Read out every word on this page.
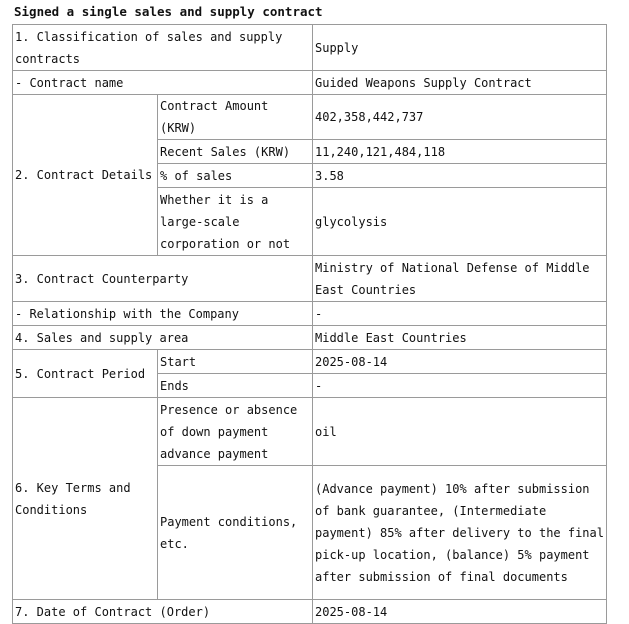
Signed a single sales and supply contract
1. Classification of sales and supply contracts		Supply
- Contract name		Guided Weapons Supply Contract
2. Contract Details	Contract Amount (KRW)	402,358,442,737
	Recent Sales (KRW)	11,240,121,484,118
	% of sales	3.58
	Whether it is a large-scale corporation or not	glycolysis
3. Contract Counterparty		Ministry of National Defense of Middle East Countries
- Relationship with the Company		-
4. Sales and supply area		Middle East Countries
5. Contract Period	Start	2025-08-14
	Ends	-
6. Key Terms and Conditions	Presence or absence of down payment advance payment	oil
	Payment conditions, etc.	(Advance payment) 10% after submission of bank guarantee, (Intermediate payment) 85% after delivery to the final pick-up location, (balance) 5% payment after submission of final documents
7. Date of Contract (Order)		2025-08-14
